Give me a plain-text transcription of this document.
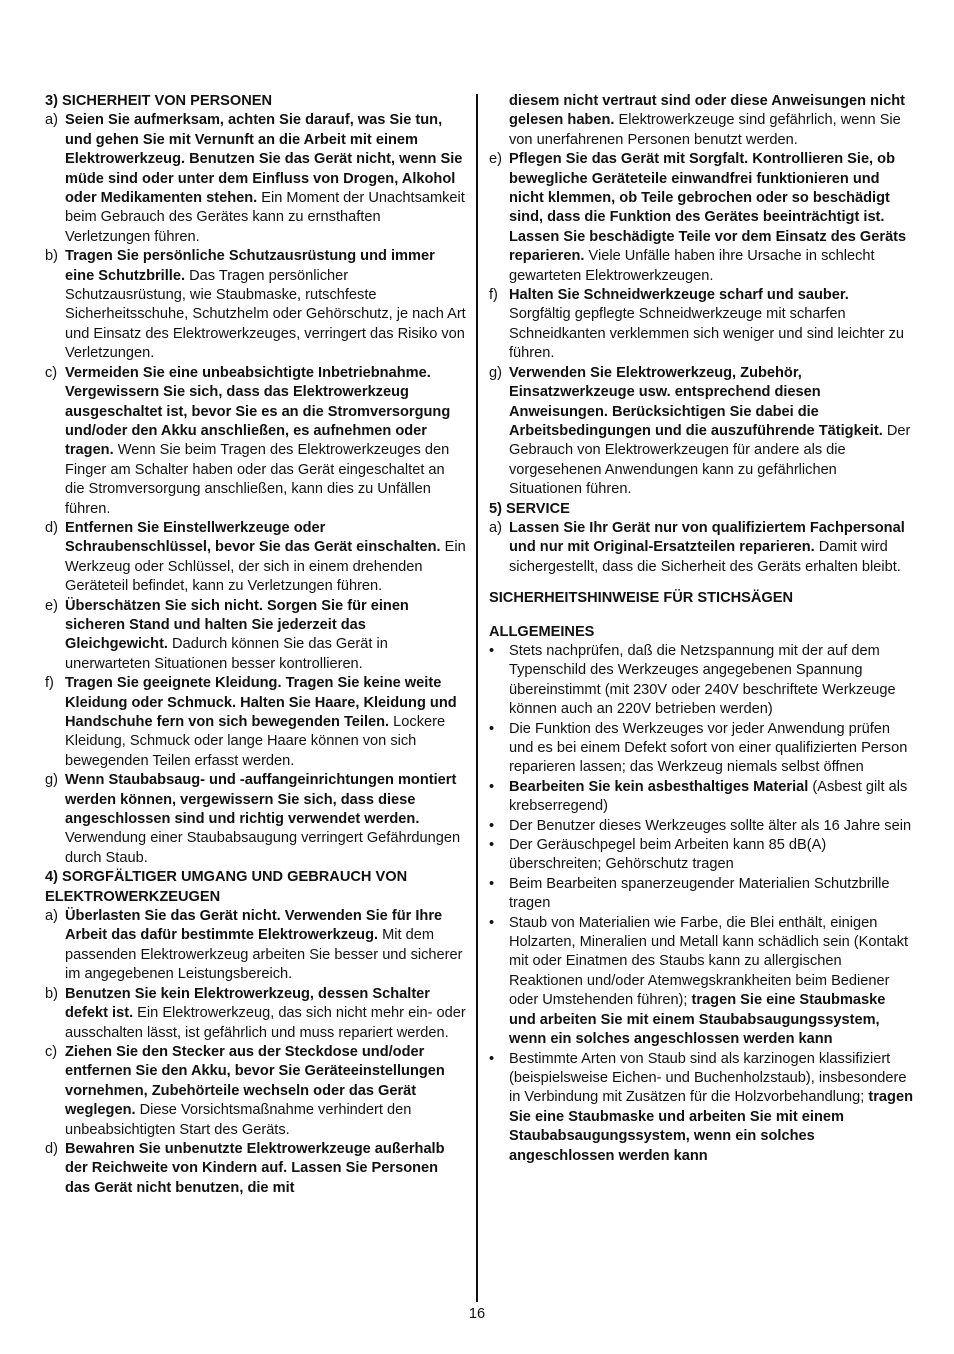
3) SICHERHEIT VON PERSONEN

a) Seien Sie aufmerksam, achten Sie darauf, was Sie tun, und gehen Sie mit Vernunft an die Arbeit mit einem Elektrowerkzeug. Benutzen Sie das Gerät nicht, wenn Sie müde sind oder unter dem Einfluss von Drogen, Alkohol oder Medikamenten stehen. Ein Moment der Unachtsamkeit beim Gebrauch des Gerätes kann zu ernsthaften Verletzungen führen.
b) Tragen Sie persönliche Schutzausrüstung und immer eine Schutzbrille. Das Tragen persönlicher Schutzausrüstung, wie Staubmaske, rutschfeste Sicherheitsschuhe, Schutzhelm oder Gehörschutz, je nach Art und Einsatz des Elektrowerkzeuges, verringert das Risiko von Verletzungen.
c) Vermeiden Sie eine unbeabsichtigte Inbetriebnahme. Vergewissern Sie sich, dass das Elektrowerkzeug ausgeschaltet ist, bevor Sie es an die Stromversorgung und/oder den Akku anschließen, es aufnehmen oder tragen. Wenn Sie beim Tragen des Elektrowerkzeuges den Finger am Schalter haben oder das Gerät eingeschaltet an die Stromversorgung anschließen, kann dies zu Unfällen führen.
d) Entfernen Sie Einstellwerkzeuge oder Schraubenschlüssel, bevor Sie das Gerät einschalten. Ein Werkzeug oder Schlüssel, der sich in einem drehenden Geräteteil befindet, kann zu Verletzungen führen.
e) Überschätzen Sie sich nicht. Sorgen Sie für einen sicheren Stand und halten Sie jederzeit das Gleichgewicht. Dadurch können Sie das Gerät in unerwarteten Situationen besser kontrollieren.
f) Tragen Sie geeignete Kleidung. Tragen Sie keine weite Kleidung oder Schmuck. Halten Sie Haare, Kleidung und Handschuhe fern von sich bewegenden Teilen. Lockere Kleidung, Schmuck oder lange Haare können von sich bewegenden Teilen erfasst werden.
g) Wenn Staubabsaug- und -auffangeinrichtungen montiert werden können, vergewissern Sie sich, dass diese angeschlossen sind und richtig verwendet werden. Verwendung einer Staubabsaugung verringert Gefährdungen durch Staub.

4) SORGFÄLTIGER UMGANG UND GEBRAUCH VON ELEKTROWERKZEUGEN

a) Überlasten Sie das Gerät nicht. Verwenden Sie für Ihre Arbeit das dafür bestimmte Elektrowerkzeug. Mit dem passenden Elektrowerkzeug arbeiten Sie besser und sicherer im angegebenen Leistungsbereich.
b) Benutzen Sie kein Elektrowerkzeug, dessen Schalter defekt ist. Ein Elektrowerkzeug, das sich nicht mehr ein- oder ausschalten lässt, ist gefährlich und muss repariert werden.
c) Ziehen Sie den Stecker aus der Steckdose und/oder entfernen Sie den Akku, bevor Sie Geräteeinstellungen vornehmen, Zubehörteile wechseln oder das Gerät weglegen. Diese Vorsichtsmaßnahme verhindert den unbeabsichtigten Start des Geräts.
d) Bewahren Sie unbenutzte Elektrowerkzeuge außerhalb der Reichweite von Kindern auf. Lassen Sie Personen das Gerät nicht benutzen, die mit

diesem nicht vertraut sind oder diese Anweisungen nicht gelesen haben. Elektrowerkzeuge sind gefährlich, wenn Sie von unerfahrenen Personen benutzt werden.

e) Pflegen Sie das Gerät mit Sorgfalt. Kontrollieren Sie, ob bewegliche Geräteteile einwandfrei funktionieren und nicht klemmen, ob Teile gebrochen oder so beschädigt sind, dass die Funktion des Gerätes beeinträchtigt ist. Lassen Sie beschädigte Teile vor dem Einsatz des Geräts reparieren. Viele Unfälle haben ihre Ursache in schlecht gewarteten Elektrowerkzeugen.
f) Halten Sie Schneidwerkzeuge scharf und sauber. Sorgfältig gepflegte Schneidwerkzeuge mit scharfen Schneidkanten verklemmen sich weniger und sind leichter zu führen.
g) Verwenden Sie Elektrowerkzeug, Zubehör, Einsatzwerkzeuge usw. entsprechend diesen Anweisungen. Berücksichtigen Sie dabei die Arbeitsbedingungen und die auszuführende Tätigkeit. Der Gebrauch von Elektrowerkzeugen für andere als die vorgesehenen Anwendungen kann zu gefährlichen Situationen führen.

5) SERVICE

a) Lassen Sie Ihr Gerät nur von qualifiziertem Fachpersonal und nur mit Original-Ersatzteilen reparieren. Damit wird sichergestellt, dass die Sicherheit des Geräts erhalten bleibt.

SICHERHEITSHINWEISE FÜR STICHSÄGEN

ALLGEMEINES

•	Stets nachprüfen, daß die Netzspannung mit der auf dem Typenschild des Werkzeuges angegebenen Spannung übereinstimmt (mit 230V oder 240V beschriftete Werkzeuge können auch an 220V betrieben werden)
•	Die Funktion des Werkzeuges vor jeder Anwendung prüfen und es bei einem Defekt sofort von einer qualifizierten Person reparieren lassen; das Werkzeug niemals selbst öffnen
•	Bearbeiten Sie kein asbesthaltiges Material (Asbest gilt als krebserregend)
•	Der Benutzer dieses Werkzeuges sollte älter als 16 Jahre sein
•	Der Geräuschpegel beim Arbeiten kann 85 dB(A) überschreiten; Gehörschutz tragen
•	Beim Bearbeiten spanerzeugender Materialien Schutzbrille tragen
•	Staub von Materialien wie Farbe, die Blei enthält, einigen Holzarten, Mineralien und Metall kann schädlich sein (Kontakt mit oder Einatmen des Staubs kann zu allergischen Reaktionen und/oder Atemwegskrankheiten beim Bediener oder Umstehenden führen); tragen Sie eine Staubmaske und arbeiten Sie mit einem Staubabsaugungssystem, wenn ein solches angeschlossen werden kann
•	Bestimmte Arten von Staub sind als karzinogen klassifiziert (beispielsweise Eichen- und Buchenholzstaub), insbesondere in Verbindung mit Zusätzen für die Holzvorbehandlung; tragen Sie eine Staubmaske und arbeiten Sie mit einem Staubabsaugungssystem, wenn ein solches angeschlossen werden kann
16
